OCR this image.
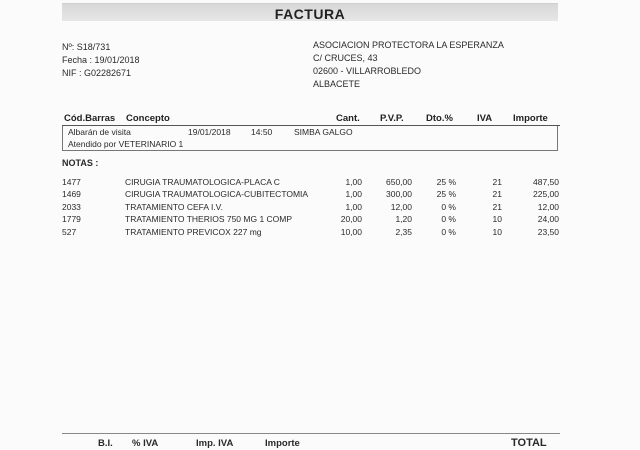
FACTURA
Nº: S18/731
Fecha : 19/01/2018
NIF : G02282671
ASOCIACION PROTECTORA LA ESPERANZA
C/ CRUCES, 43
02600 - VILLARROBLEDO
ALBACETE
Cód.Barras Concepto	Cant. P.V.P. Dto.%	IVA Importe
Albarán de visita	19/01/2018 14:50	SIMBA GALGO
Atendido por VETERINARIO 1
NOTAS :
1477	CIRUGIA TRAUMATOLOGICA-PLACA C	1,00	650,00	25 %	21	487,50
1469	CIRUGIA TRAUMATOLOGICA-CUBITECTOMIA	1,00	300,00	25 %	21	225,00
2033	TRATAMIENTO CEFA I.V.	1,00	12,00	0 %	21	12,00
1779	TRATAMIENTO THERIOS 750 MG 1 COMP	20,00	1,20	0 %	10	24,00
527	TRATAMIENTO PREVICOX 227 mg	10,00	2,35	0 %	10	23,50
B.I. % IVA	Imp. IVA	Importe	TOTAL
